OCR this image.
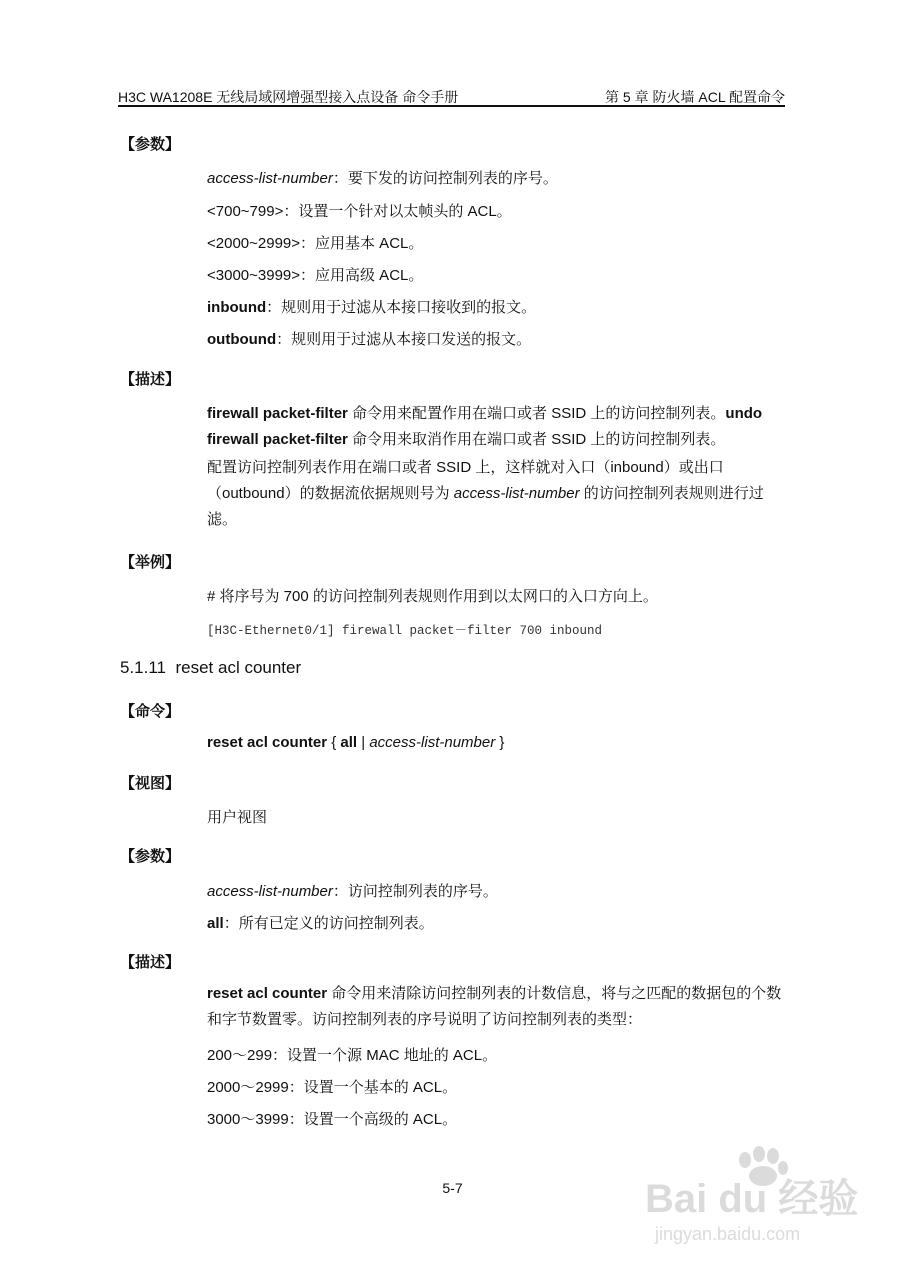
H3C WA1208E 无线局域网增强型接入点设备 命令手册	第 5 章 防火墙 ACL 配置命令
【参数】
access-list-number：要下发的访问控制列表的序号。
<700~799>：设置一个针对以太帧头的 ACL。
<2000~2999>：应用基本 ACL。
<3000~3999>：应用高级 ACL。
inbound：规则用于过滤从本接口接收到的报文。
outbound：规则用于过滤从本接口发送的报文。
【描述】
firewall packet-filter 命令用来配置作用在端口或者 SSID 上的访问控制列表。undo
firewall packet-filter 命令用来取消作用在端口或者 SSID 上的访问控制列表。
配置访问控制列表作用在端口或者 SSID 上，这样就对入口（inbound）或出口（outbound）的数据流依据规则号为 access-list-number 的访问控制列表规则进行过滤。
【举例】
# 将序号为 700 的访问控制列表规则作用到以太网口的入口方向上。
[H3C-Ethernet0/1] firewall packet－filter 700 inbound
5.1.11 reset acl counter
【命令】
reset acl counter { all | access-list-number }
【视图】
用户视图
【参数】
access-list-number：访问控制列表的序号。
all：所有已定义的访问控制列表。
【描述】
reset acl counter 命令用来清除访问控制列表的计数信息，将与之匹配的数据包的个数和字节数置零。访问控制列表的序号说明了访问控制列表的类型：
200～299：设置一个源 MAC 地址的 ACL。
2000～2999：设置一个基本的 ACL。
3000～3999：设置一个高级的 ACL。
5-7	Bai du 经验
jingyan.baidu.com
